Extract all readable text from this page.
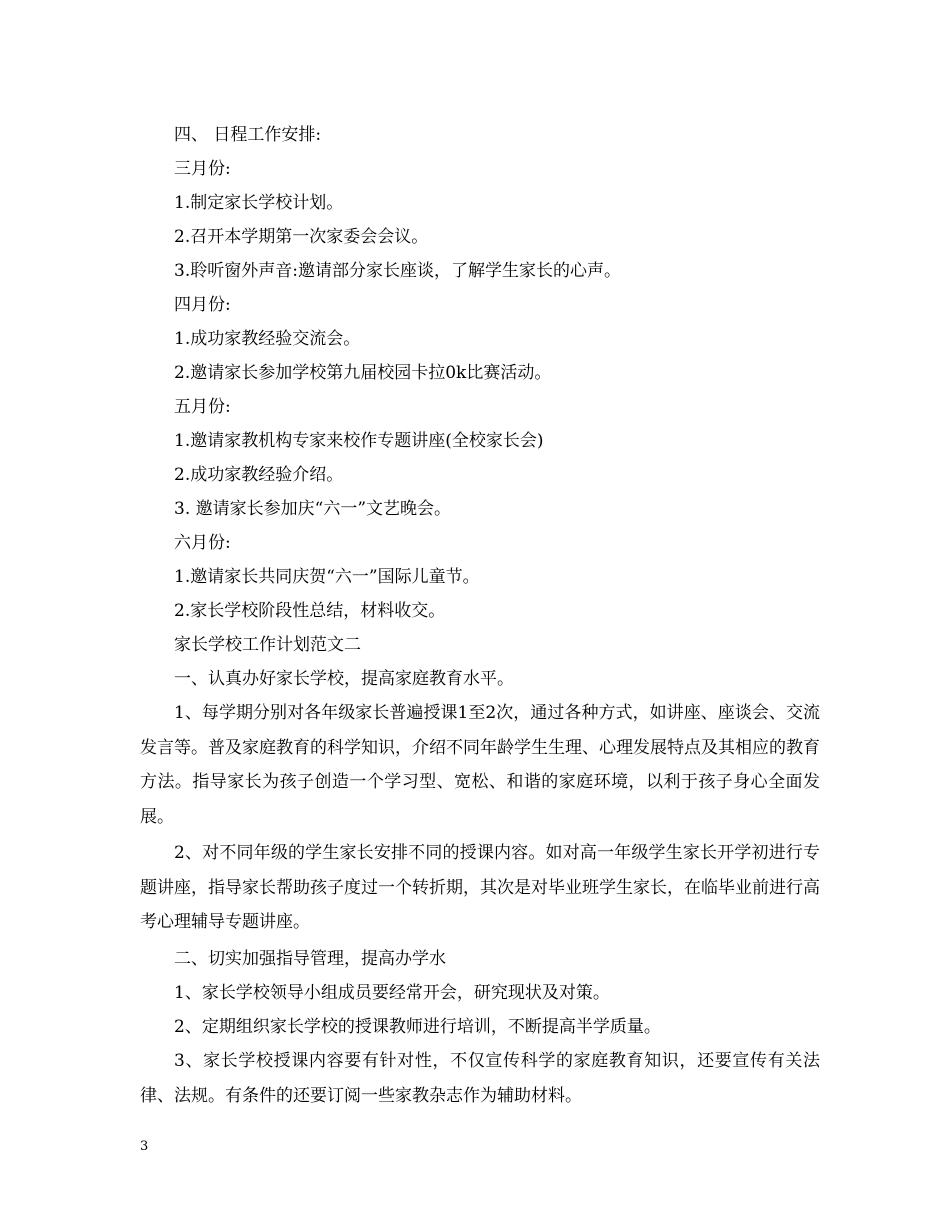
四、 日程工作安排:
三月份:
1.制定家长学校计划。
2.召开本学期第一次家委会会议。
3.聆听窗外声音:邀请部分家长座谈，了解学生家长的心声。
四月份:
1.成功家教经验交流会。
2.邀请家长参加学校第九届校园卡拉0k比赛活动。
五月份:
1.邀请家教机构专家来校作专题讲座(全校家长会)
2.成功家教经验介绍。
3. 邀请家长参加庆“六一”文艺晚会。
六月份:
1.邀请家长共同庆贺“六一”国际儿童节。
2.家长学校阶段性总结，材料收交。
家长学校工作计划范文二
一、认真办好家长学校，提高家庭教育水平。
1、每学期分别对各年级家长普遍授课1至2次，通过各种方式，如讲座、座谈会、交流发言等。普及家庭教育的科学知识，介绍不同年龄学生生理、心理发展特点及其相应的教育方法。指导家长为孩子创造一个学习型、宽松、和谐的家庭环境，以利于孩子身心全面发展。
2、对不同年级的学生家长安排不同的授课内容。如对高一年级学生家长开学初进行专题讲座，指导家长帮助孩子度过一个转折期，其次是对毕业班学生家长，在临毕业前进行高考心理辅导专题讲座。
二、切实加强指导管理，提高办学水
1、家长学校领导小组成员要经常开会，研究现状及对策。
2、定期组织家长学校的授课教师进行培训，不断提高半学质量。
3、家长学校授课内容要有针对性，不仅宣传科学的家庭教育知识，还要宣传有关法律、法规。有条件的还要订阅一些家教杂志作为辅助材料。
3
